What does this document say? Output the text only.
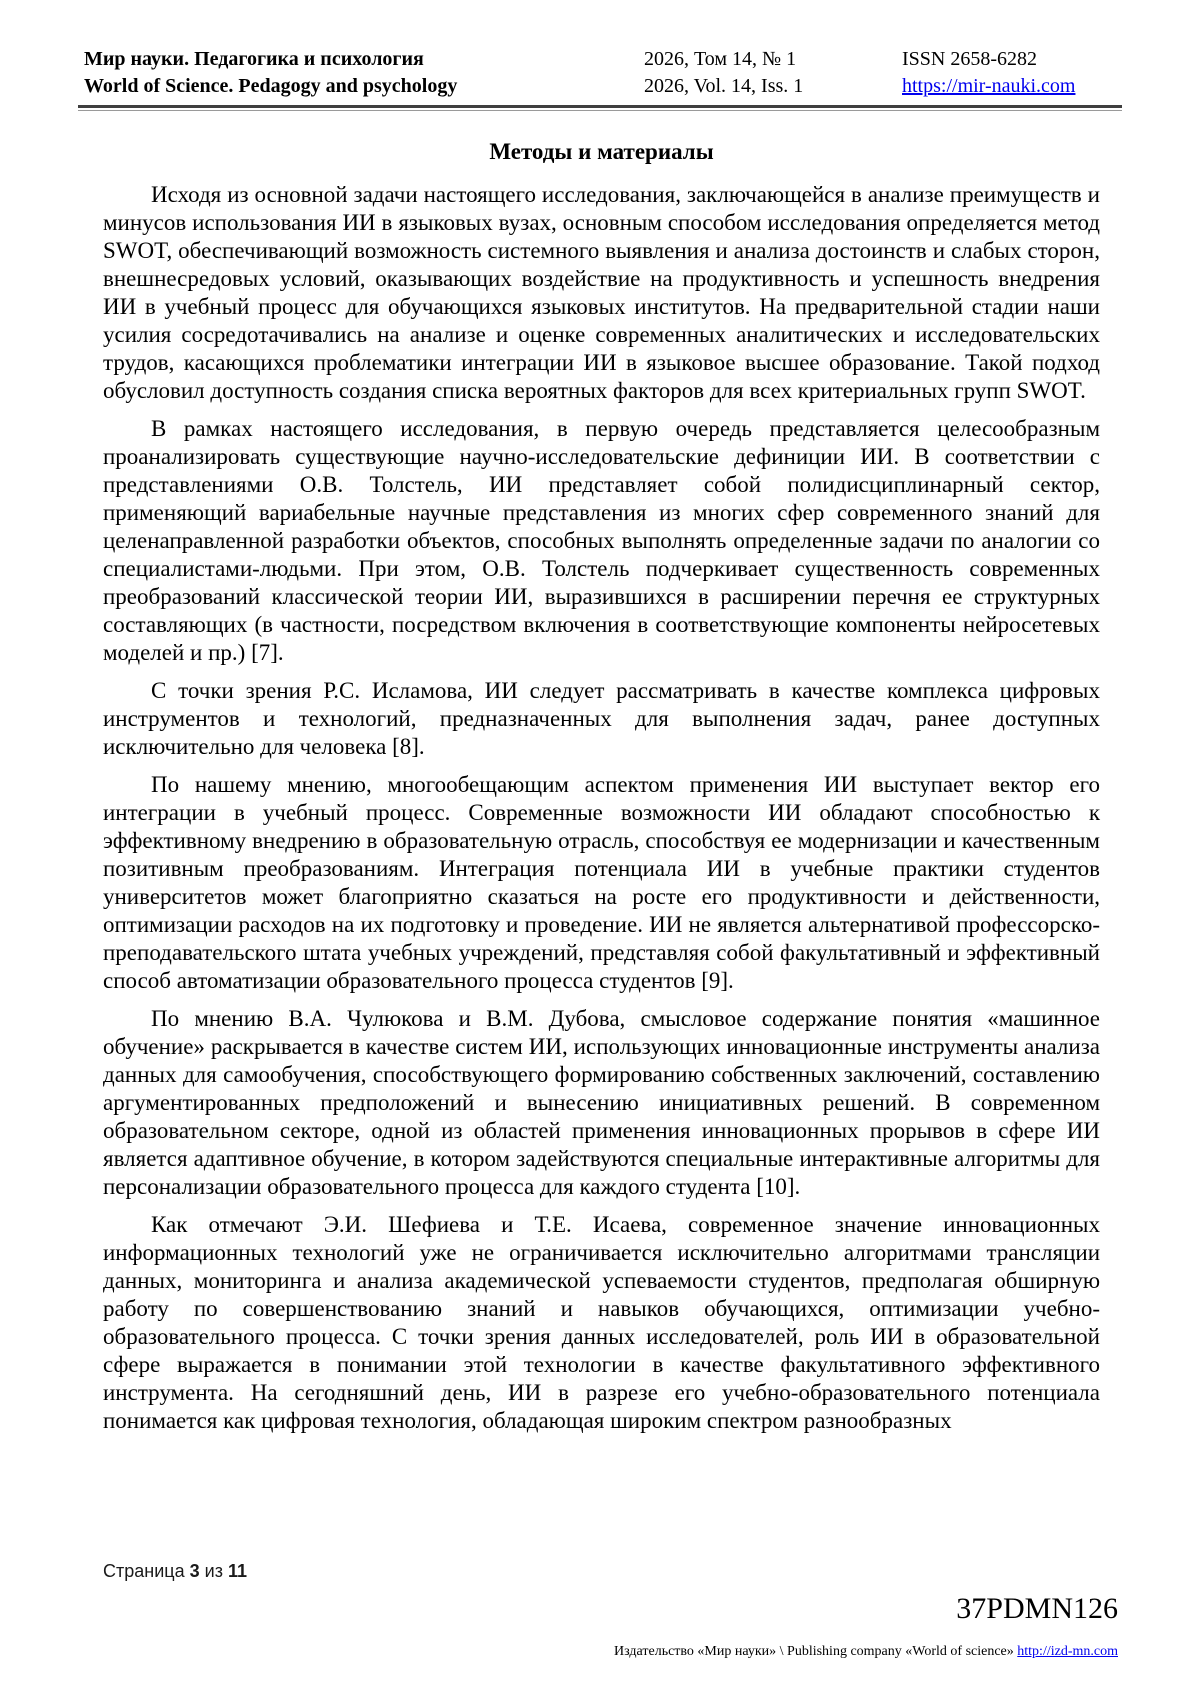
Мир науки. Педагогика и психология
World of Science. Pedagogy and psychology
2026, Том 14, № 1
2026, Vol. 14, Iss. 1
ISSN 2658-6282
https://mir-nauki.com
Методы и материалы

Исходя из основной задачи настоящего исследования, заключающейся в анализе преимуществ и минусов использования ИИ в языковых вузах, основным способом исследования определяется метод SWOT, обеспечивающий возможность системного выявления и анализа достоинств и слабых сторон, внешнесредовых условий, оказывающих воздействие на продуктивность и успешность внедрения ИИ в учебный процесс для обучающихся языковых институтов. На предварительной стадии наши усилия сосредотачивались на анализе и оценке современных аналитических и исследовательских трудов, касающихся проблематики интеграции ИИ в языковое высшее образование. Такой подход обусловил доступность создания списка вероятных факторов для всех критериальных групп SWOT.

В рамках настоящего исследования, в первую очередь представляется целесообразным проанализировать существующие научно-исследовательские дефиниции ИИ. В соответствии с представлениями О.В. Толстель, ИИ представляет собой полидисциплинарный сектор, применяющий вариабельные научные представления из многих сфер современного знаний для целенаправленной разработки объектов, способных выполнять определенные задачи по аналогии со специалистами-людьми. При этом, О.В. Толстель подчеркивает существенность современных преобразований классической теории ИИ, выразившихся в расширении перечня ее структурных составляющих (в частности, посредством включения в соответствующие компоненты нейросетевых моделей и пр.) [7].

С точки зрения Р.С. Исламова, ИИ следует рассматривать в качестве комплекса цифровых инструментов и технологий, предназначенных для выполнения задач, ранее доступных исключительно для человека [8].

По нашему мнению, многообещающим аспектом применения ИИ выступает вектор его интеграции в учебный процесс. Современные возможности ИИ обладают способностью к эффективному внедрению в образовательную отрасль, способствуя ее модернизации и качественным позитивным преобразованиям. Интеграция потенциала ИИ в учебные практики студентов университетов может благоприятно сказаться на росте его продуктивности и действенности, оптимизации расходов на их подготовку и проведение. ИИ не является альтернативой профессорско-преподавательского штата учебных учреждений, представляя собой факультативный и эффективный способ автоматизации образовательного процесса студентов [9].

По мнению В.А. Чулюкова и В.М. Дубова, смысловое содержание понятия «машинное обучение» раскрывается в качестве систем ИИ, использующих инновационные инструменты анализа данных для самообучения, способствующего формированию собственных заключений, составлению аргументированных предположений и вынесению инициативных решений. В современном образовательном секторе, одной из областей применения инновационных прорывов в сфере ИИ является адаптивное обучение, в котором задействуются специальные интерактивные алгоритмы для персонализации образовательного процесса для каждого студента [10].

Как отмечают Э.И. Шефиева и Т.Е. Исаева, современное значение инновационных информационных технологий уже не ограничивается исключительно алгоритмами трансляции данных, мониторинга и анализа академической успеваемости студентов, предполагая обширную работу по совершенствованию знаний и навыков обучающихся, оптимизации учебно-образовательного процесса. С точки зрения данных исследователей, роль ИИ в образовательной сфере выражается в понимании этой технологии в качестве факультативного эффективного инструмента. На сегодняшний день, ИИ в разрезе его учебно-образовательного потенциала понимается как цифровая технология, обладающая широким спектром разнообразных

Страница 3 из 11
37PDMN126
Издательство «Мир науки» \ Publishing company «World of science» http://izd-mn.com
